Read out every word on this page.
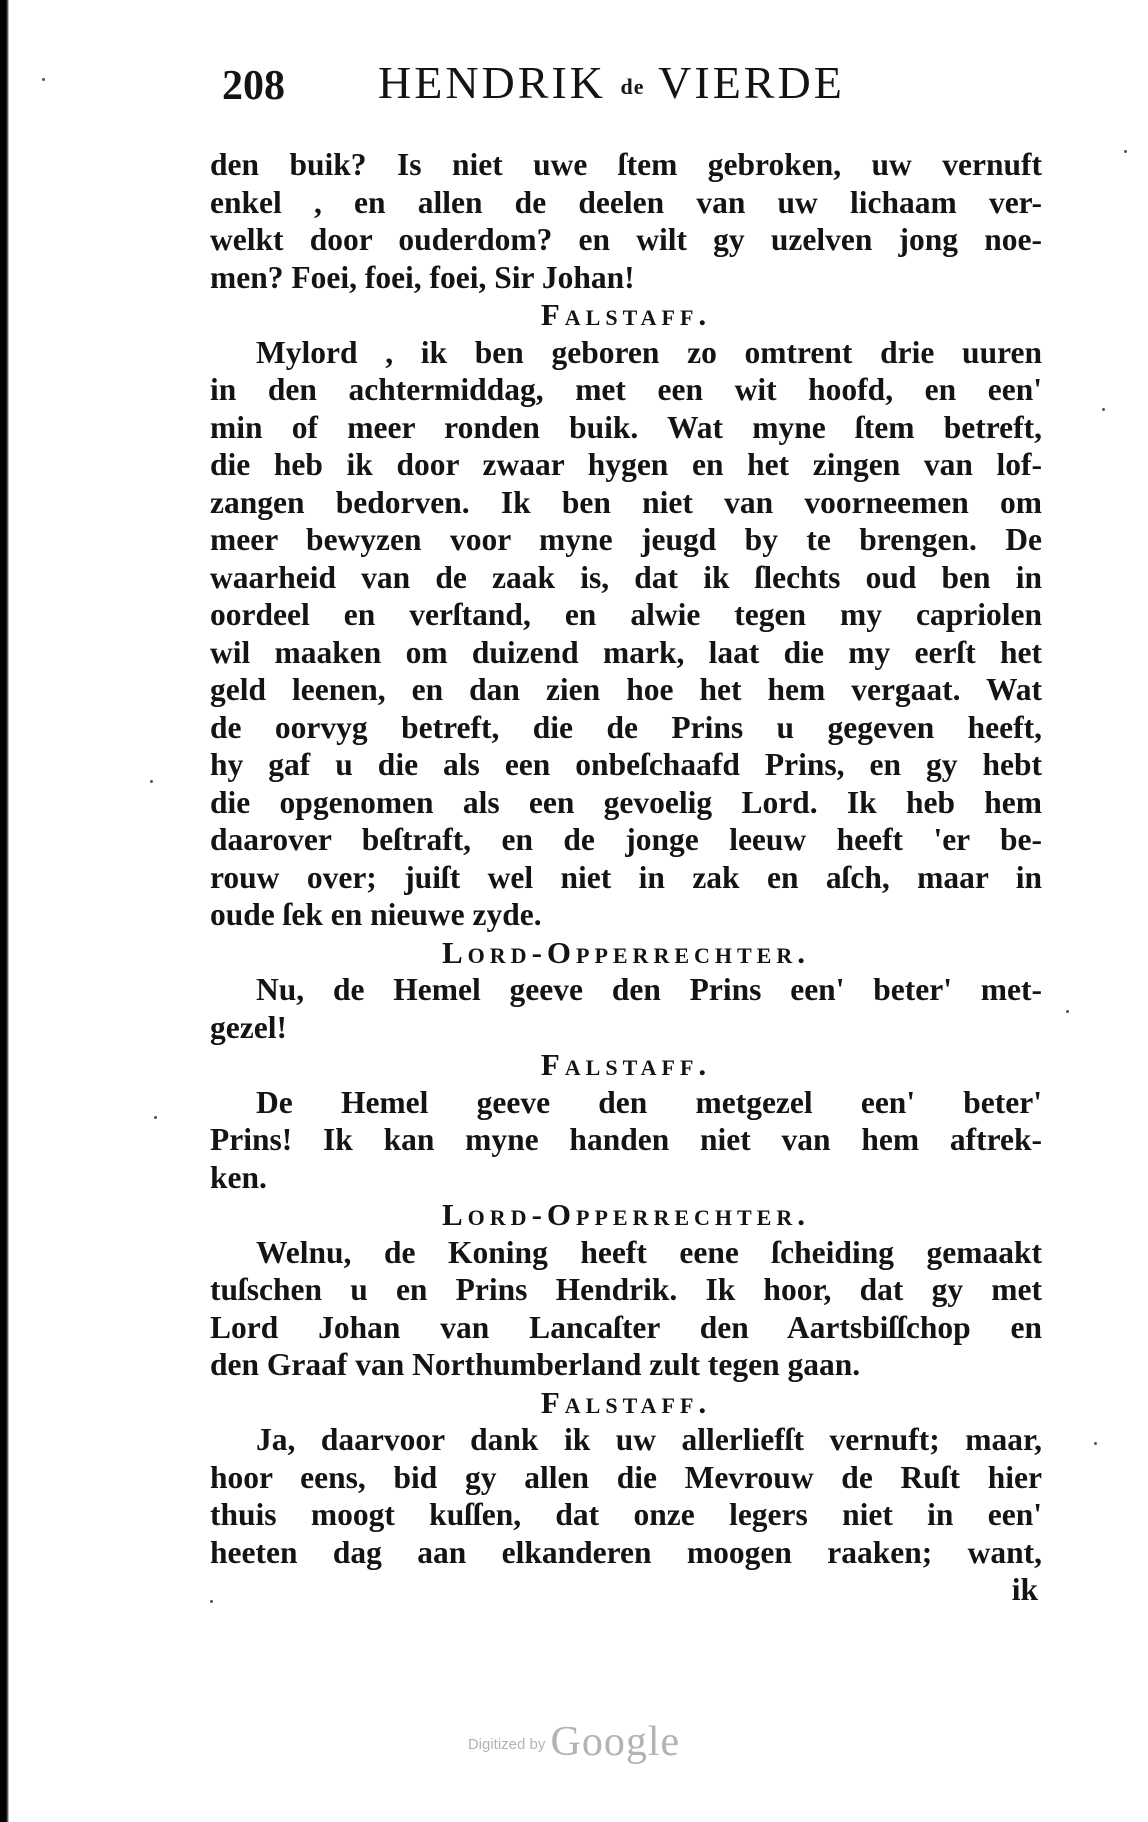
208 HENDRIK de VIERDE
den buik? Is niet uwe ſtem gebroken, uw vernuft
enkel , en allen de deelen van uw lichaam ver-
welkt door ouderdom? en wilt gy uzelven jong noe-
men? Foei, foei, foei, Sir Johan!
Falstaff.
Mylord , ik ben geboren zo omtrent drie uuren
in den achtermiddag, met een wit hoofd, en een'
min of meer ronden buik. Wat myne ſtem betreft,
die heb ik door zwaar hygen en het zingen van lof-
zangen bedorven. Ik ben niet van voorneemen om
meer bewyzen voor myne jeugd by te brengen. De
waarheid van de zaak is, dat ik ſlechts oud ben in
oordeel en verſtand, en alwie tegen my capriolen
wil maaken om duizend mark, laat die my eerſt het
geld leenen, en dan zien hoe het hem vergaat. Wat
de oorvyg betreft, die de Prins u gegeven heeft,
hy gaf u die als een onbeſchaafd Prins, en gy hebt
die opgenomen als een gevoelig Lord. Ik heb hem
daarover beſtraft, en de jonge leeuw heeft 'er be-
rouw over; juiſt wel niet in zak en aſch, maar in
oude ſek en nieuwe zyde.
Lord-Opperrechter.
Nu, de Hemel geeve den Prins een' beter' met-
gezel!
Falstaff.
De Hemel geeve den metgezel een' beter'
Prins! Ik kan myne handen niet van hem aftrek-
ken.
Lord-Opperrechter.
Welnu, de Koning heeft eene ſcheiding gemaakt
tuſschen u en Prins Hendrik. Ik hoor, dat gy met
Lord Johan van Lancaſter den Aartsbiſſchop en
den Graaf van Northumberland zult tegen gaan.
Falstaff.
Ja, daarvoor dank ik uw allerliefſt vernuft; maar,
hoor eens, bid gy allen die Mevrouw de Ruſt hier
thuis moogt kuſſen, dat onze legers niet in een'
heeten dag aan elkanderen moogen raaken; want,
ik
Digitized by Google
